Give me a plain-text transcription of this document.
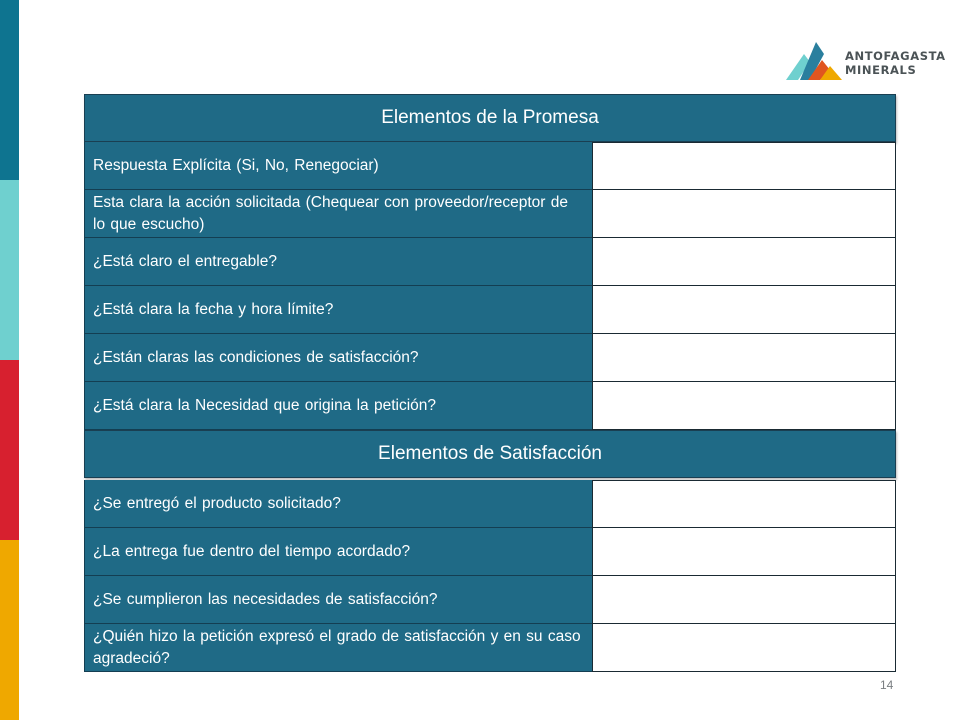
ANTOFAGASTA
MINERALS
Elementos de la Promesa
Respuesta Explícita (Si, No, Renegociar)
Esta clara la acción solicitada (Chequear con proveedor/receptor de lo que escucho)
¿Está claro el entregable?
¿Está clara la fecha y hora límite?
¿Están claras las condiciones de satisfacción?
¿Está clara la Necesidad que origina la petición?
Elementos de Satisfacción
¿Se entregó el producto solicitado?
¿La entrega fue dentro del tiempo acordado?
¿Se cumplieron las necesidades de satisfacción?
¿Quién hizo la petición expresó el grado de satisfacción y en su caso agradeció?
14
